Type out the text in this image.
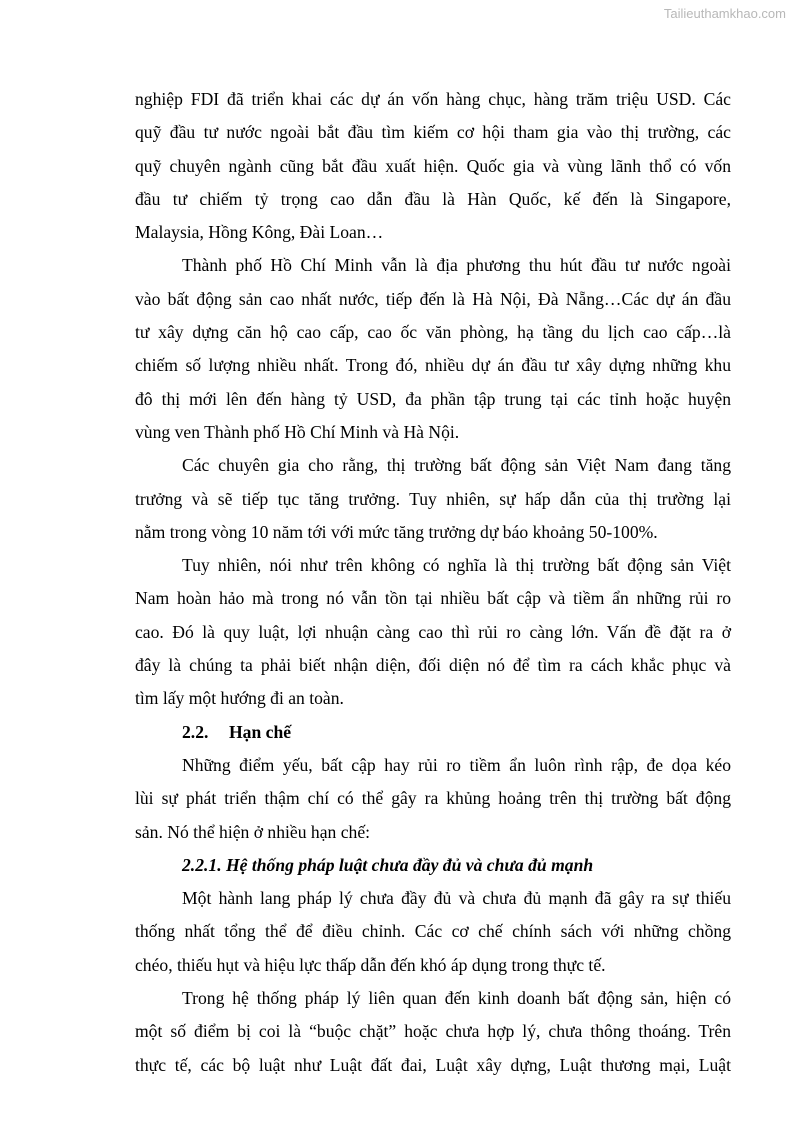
Tailieuthamkhao.com
nghiệp FDI đã triển khai các dự án vốn hàng chục, hàng trăm triệu USD. Các
quỹ đầu tư nước ngoài bắt đầu tìm kiếm cơ hội tham gia vào thị trường, các
quỹ chuyên ngành cũng bắt đầu xuất hiện. Quốc gia và vùng lãnh thổ có vốn
đầu tư chiếm tỷ trọng cao dẫn đầu là Hàn Quốc, kế đến là Singapore,
Malaysia, Hồng Kông, Đài Loan…
Thành phố Hồ Chí Minh vẫn là địa phương thu hút đầu tư nước ngoài
vào bất động sản cao nhất nước, tiếp đến là Hà Nội, Đà Nẵng…Các dự án đầu
tư xây dựng căn hộ cao cấp, cao ốc văn phòng, hạ tầng du lịch cao cấp…là
chiếm số lượng nhiều nhất. Trong đó, nhiều dự án đầu tư xây dựng những khu
đô thị mới lên đến hàng tỷ USD, đa phần tập trung tại các tỉnh hoặc huyện
vùng ven Thành phố Hồ Chí Minh và Hà Nội.
Các chuyên gia cho rằng, thị trường bất động sản Việt Nam đang tăng
trưởng và sẽ tiếp tục tăng trưởng. Tuy nhiên, sự hấp dẫn của thị trường lại
nằm trong vòng 10 năm tới với mức tăng trưởng dự báo khoảng 50-100%.
Tuy nhiên, nói như trên không có nghĩa là thị trường bất động sản Việt
Nam hoàn hảo mà trong nó vẫn tồn tại nhiều bất cập và tiềm ẩn những rủi ro
cao. Đó là quy luật, lợi nhuận càng cao thì rủi ro càng lớn. Vấn đề đặt ra ở
đây là chúng ta phải biết nhận diện, đối diện nó để tìm ra cách khắc phục và
tìm lấy một hướng đi an toàn.
2.2. Hạn chế
Những điểm yếu, bất cập hay rủi ro tiềm ẩn luôn rình rập, đe dọa kéo
lùi sự phát triển thậm chí có thể gây ra khủng hoảng trên thị trường bất động
sản. Nó thể hiện ở nhiều hạn chế:
2.2.1. Hệ thống pháp luật chưa đầy đủ và chưa đủ mạnh
Một hành lang pháp lý chưa đầy đủ và chưa đủ mạnh đã gây ra sự thiếu
thống nhất tổng thể để điều chỉnh. Các cơ chế chính sách với những chồng
chéo, thiếu hụt và hiệu lực thấp dẫn đến khó áp dụng trong thực tế.
Trong hệ thống pháp lý liên quan đến kinh doanh bất động sản, hiện có
một số điểm bị coi là “buộc chặt” hoặc chưa hợp lý, chưa thông thoáng. Trên
thực tế, các bộ luật như Luật đất đai, Luật xây dựng, Luật thương mại, Luật
